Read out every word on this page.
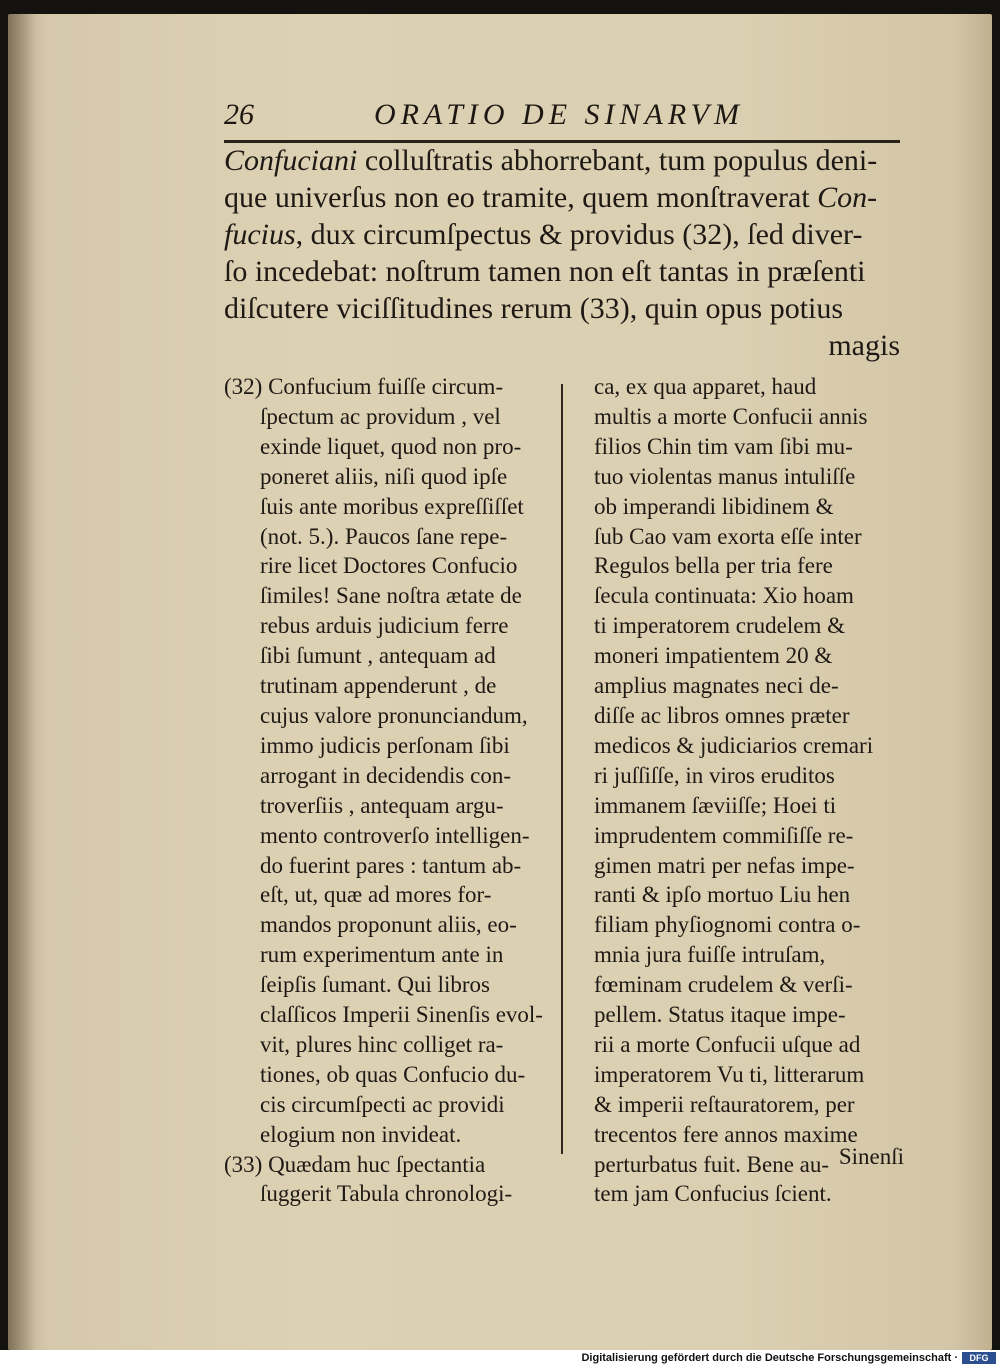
26	ORATIO DE SINARVM
Confuciani colluſtratis abhorrebant, tum populus deni-
que univerſus non eo tramite, quem monſtraverat Con-
fucius, dux circumſpectus & providus (32), ſed diver-
ſo incedebat: noſtrum tamen non eſt tantas in præſenti
diſcutere viciſſitudines rerum (33), quin opus potius
magis
(32) Confucium fuiſſe circum-
ſpectum ac providum , vel
exinde liquet, quod non pro-
poneret aliis, niſi quod ipſe
ſuis ante moribus expreſſiſſet
(not. 5.). Paucos ſane repe-
rire licet Doctores Confucio
ſimiles! Sane noſtra ætate de
rebus arduis judicium ferre
ſibi ſumunt , antequam ad
trutinam appenderunt , de
cujus valore pronunciandum,
immo judicis perſonam ſibi
arrogant in decidendis con-
troverſiis , antequam argu-
mento controverſo intelligen-
do fuerint pares : tantum ab-
eſt, ut, quæ ad mores for-
mandos proponunt aliis, eo-
rum experimentum ante in
ſeipſis ſumant. Qui libros
claſſicos Imperii Sinenſis evol-
vit, plures hinc colliget ra-
tiones, ob quas Confucio du-
cis circumſpecti ac providi
elogium non invideat.
(33) Quædam huc ſpectantia
ſuggerit Tabula chronologi-
ca, ex qua apparet, haud
multis a morte Confucii annis
filios Chin tim vam ſibi mu-
tuo violentas manus intuliſſe
ob imperandi libidinem &
ſub Cao vam exorta eſſe inter
Regulos bella per tria fere
ſecula continuata: Xio hoam
ti imperatorem crudelem &
moneri impatientem 20 &
amplius magnates neci de-
diſſe ac libros omnes præter
medicos & judiciarios cremari
ri juſſiſſe, in viros eruditos
immanem ſæviiſſe; Hoei ti
imprudentem commiſiſſe re-
gimen matri per nefas impe-
ranti & ipſo mortuo Liu hen
filiam phyſiognomi contra o-
mnia jura fuiſſe intruſam,
fœminam crudelem & verſi-
pellem. Status itaque impe-
rii a morte Confucii uſque ad
imperatorem Vu ti, litterarum
& imperii reſtauratorem, per
trecentos fere annos maxime
perturbatus fuit. Bene au-
tem jam Confucius ſcient.
Sinenſi
Digitalisierung gefördert durch die Deutsche Forschungsgemeinschaft ·	DFG
